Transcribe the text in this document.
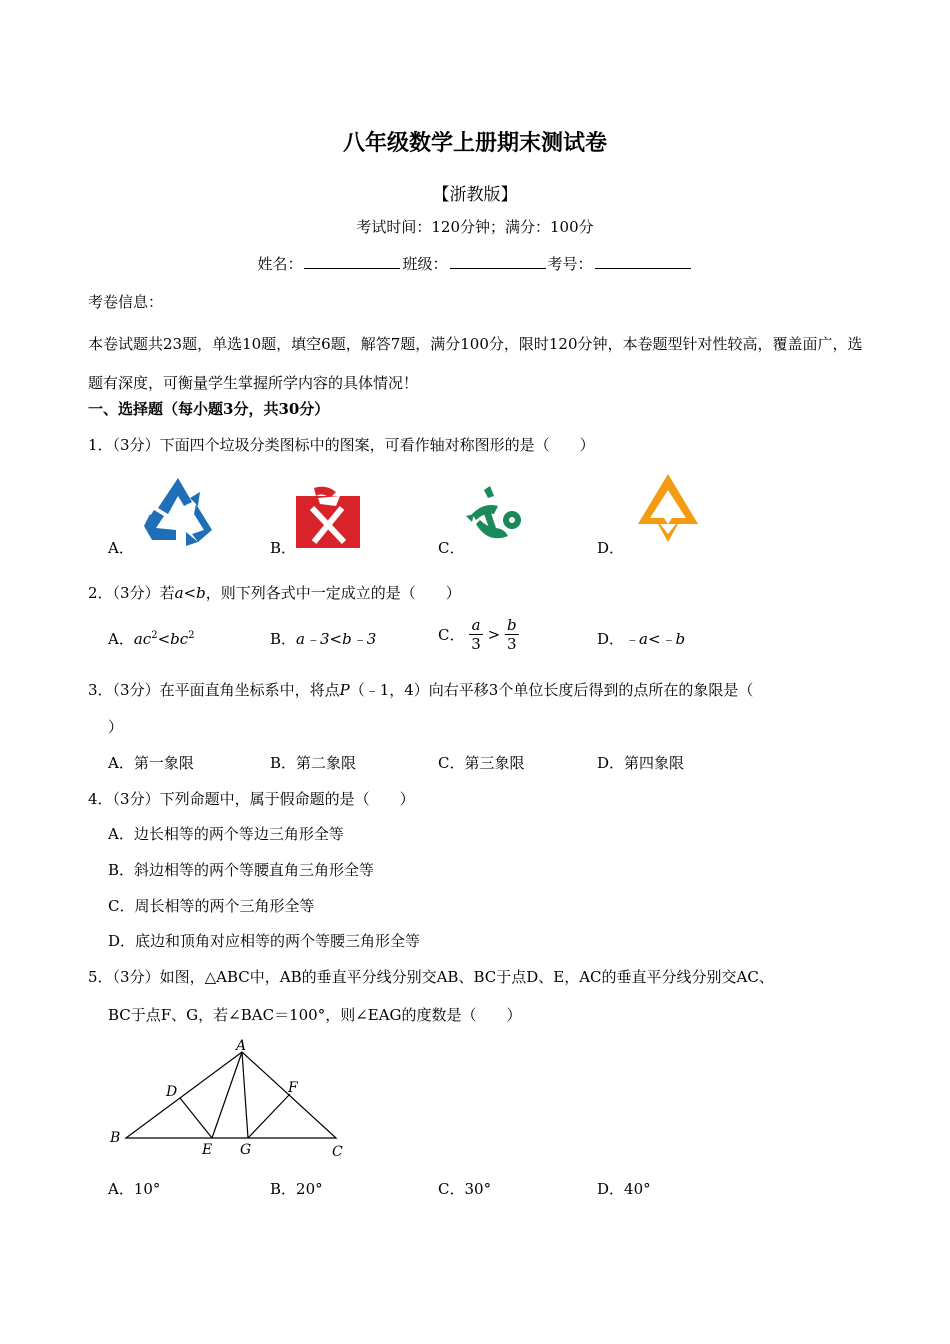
八年级数学上册期末测试卷
【浙教版】
考试时间：120分钟；满分：100分
姓名：	班级：	考号：
考卷信息：
本卷试题共23题，单选10题，填空6题，解答7题，满分100分，限时120分钟，本卷题型针对性较高，覆盖面广，选题有深度，可衡量学生掌握所学内容的具体情况！
一、选择题（每小题3分，共30分）
1．（3分）下面四个垃圾分类图标中的图案，可看作轴对称图形的是（　　）
A．	B．	C．	D．
2．（3分）若a<b，则下列各式中一定成立的是（　　）
A．$ac^2<bc^2$	B．a﹣3<b﹣3	C． $\frac{a}{3} > \frac{b}{3}$	D．﹣a<﹣b
3．（3分）在平面直角坐标系中，将点P（﹣1，4）向右平移3个单位长度后得到的点所在的象限是（
）
A．第一象限	B．第二象限	C．第三象限	D．第四象限
4．（3分）下列命题中，属于假命题的是（　　）
A．边长相等的两个等边三角形全等
B．斜边相等的两个等腰直角三角形全等
C．周长相等的两个三角形全等
D．底边和顶角对应相等的两个等腰三角形全等
5．（3分）如图，△ABC中，AB的垂直平分线分别交AB、BC于点D、E，AC的垂直平分线分别交AC、
BC于点F、G，若∠BAC＝100°，则∠EAG的度数是（　　）
A
B
C
D
E
F
G
A．10°	B．20°	C．30°	D．40°
